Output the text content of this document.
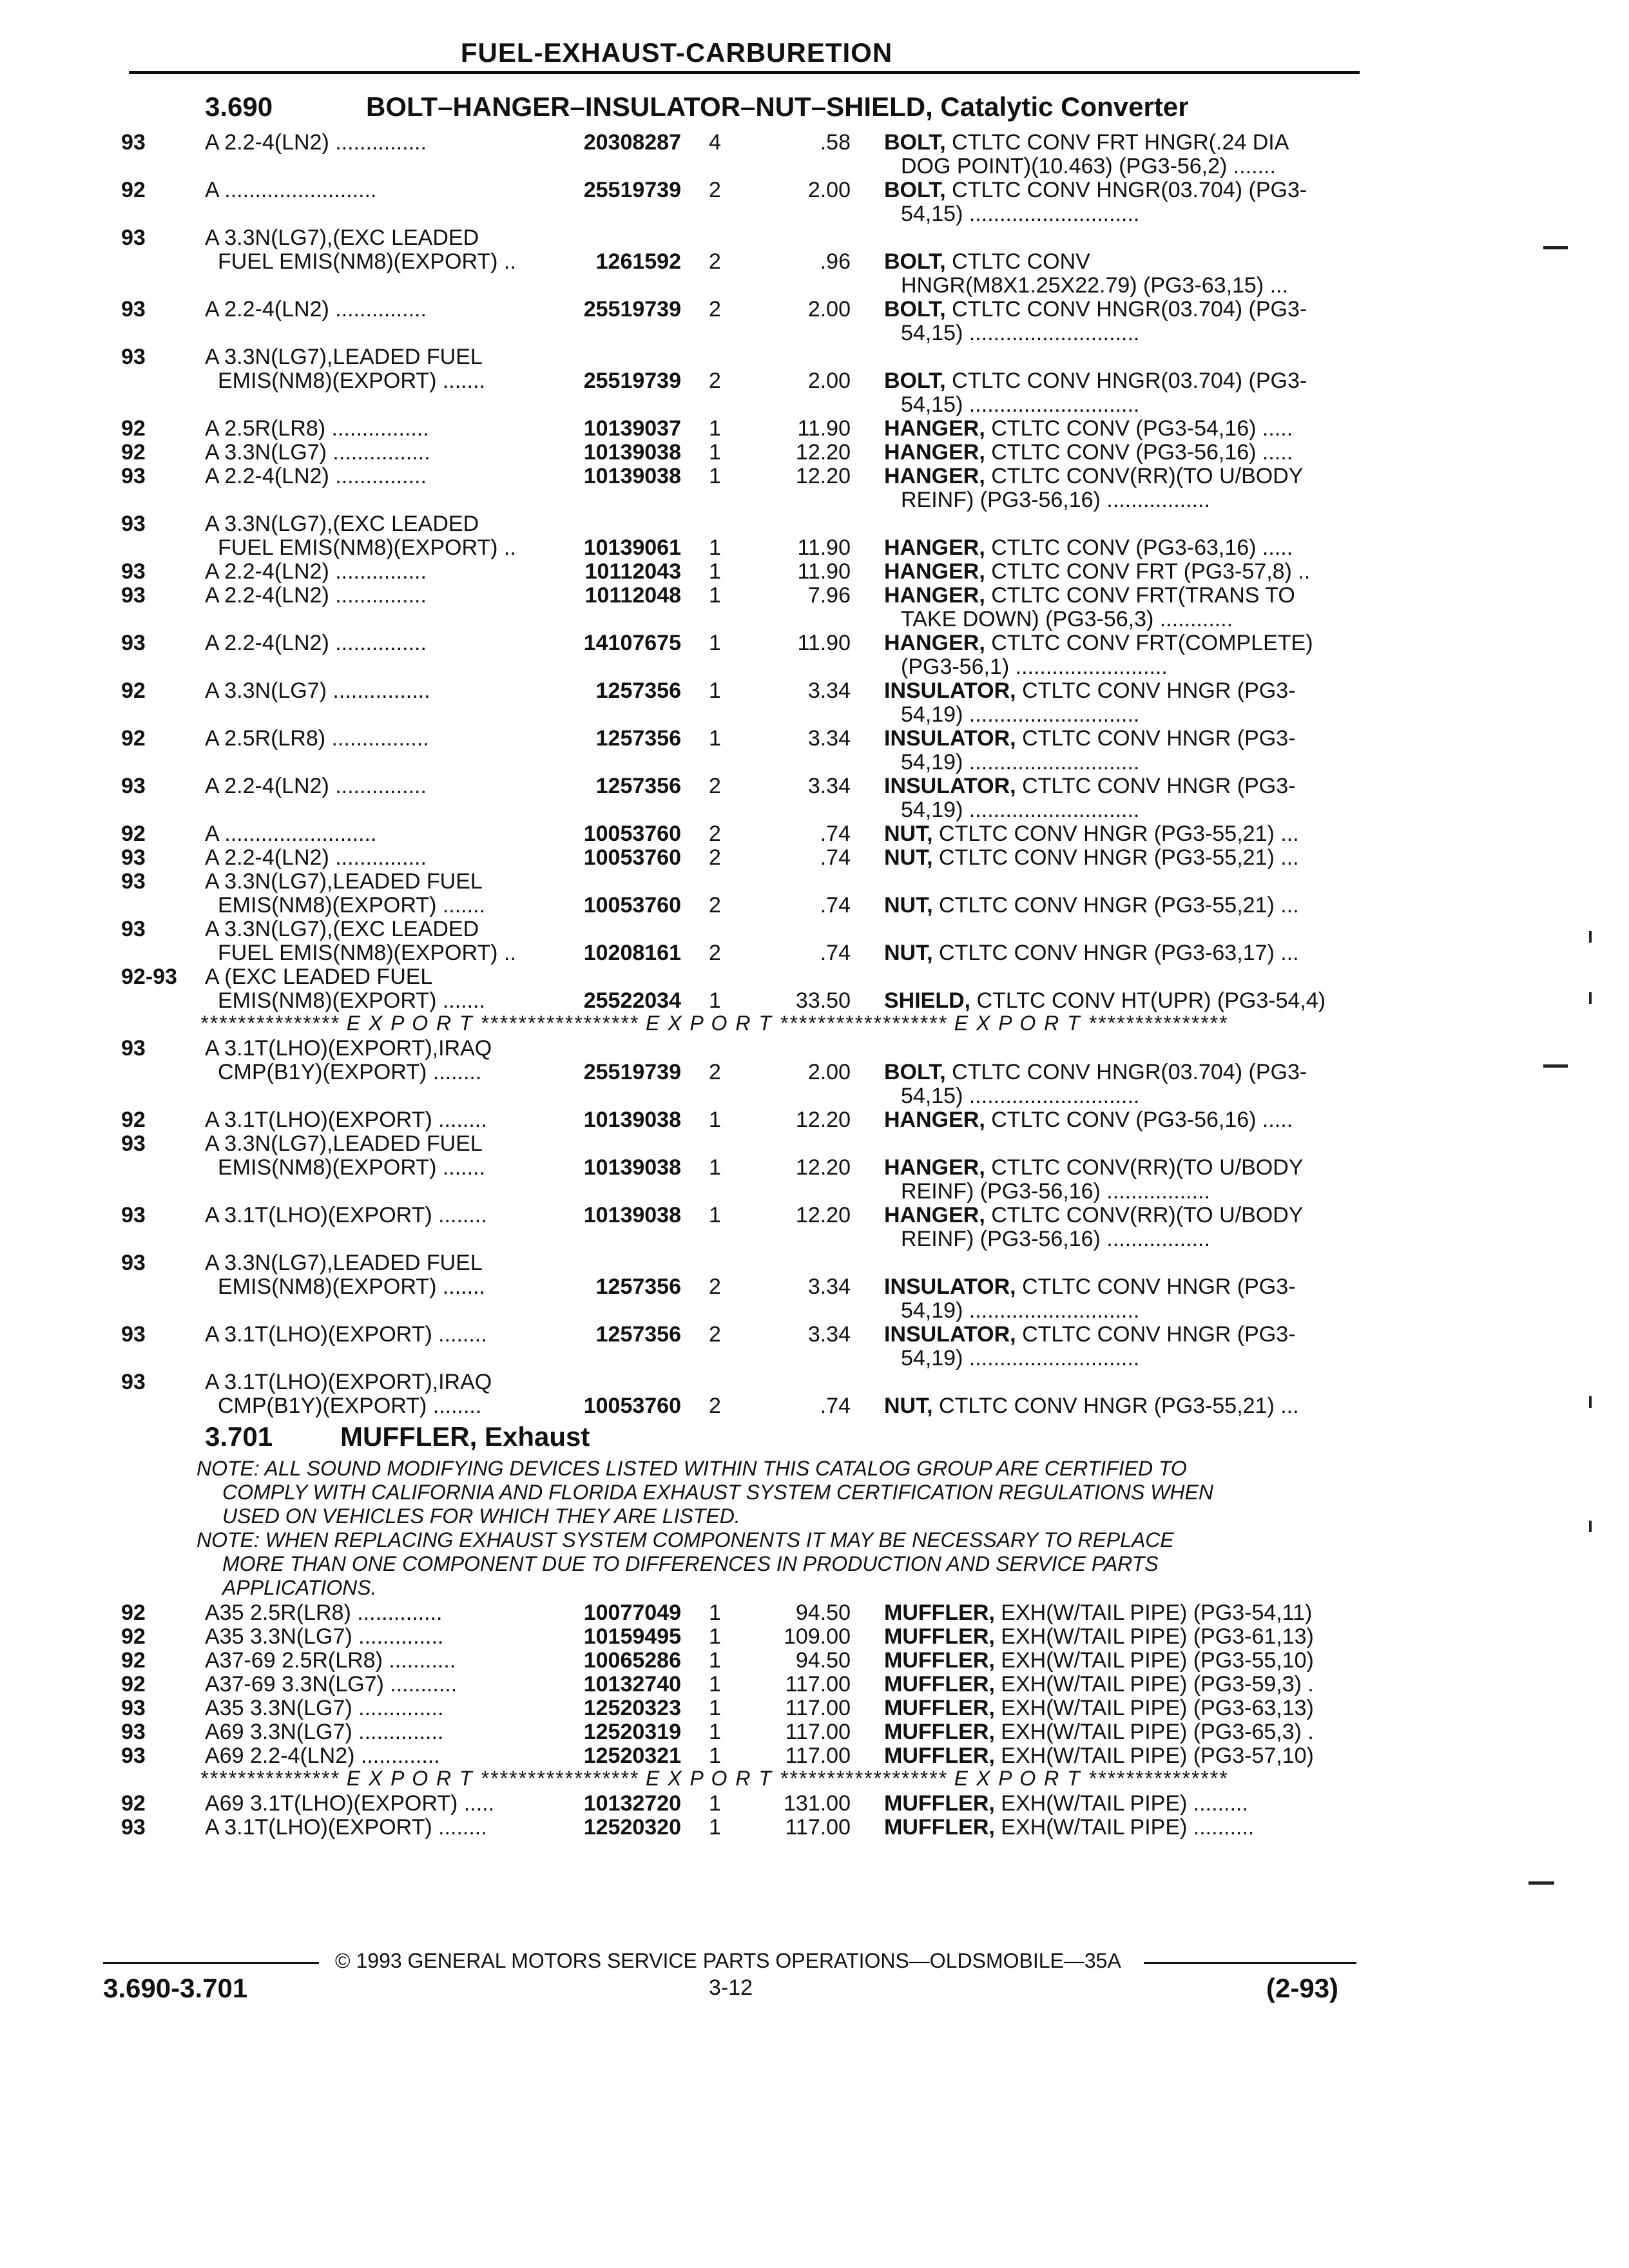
FUEL-EXHAUST-CARBURETION
3.690	BOLT–HANGER–INSULATOR–NUT–SHIELD, Catalytic Converter
93	A 2.2-4(LN2) ...............	20308287 4	.58 BOLT, CTLTC CONV FRT HNGR(.24 DIA
DOG POINT)(10.463) (PG3-56,2) .......
92	A .........................	25519739 2	2.00 BOLT, CTLTC CONV HNGR(03.704) (PG3-
54,15) ............................
93	A 3.3N(LG7),(EXC LEADED
FUEL EMIS(NM8)(EXPORT) ..	1261592 2	.96 BOLT, CTLTC CONV
HNGR(M8X1.25X22.79) (PG3-63,15) ...
93	A 2.2-4(LN2) ...............	25519739 2	2.00 BOLT, CTLTC CONV HNGR(03.704) (PG3-
54,15) ............................
93	A 3.3N(LG7),LEADED FUEL
EMIS(NM8)(EXPORT) .......	25519739 2	2.00 BOLT, CTLTC CONV HNGR(03.704) (PG3-
54,15) ............................
92	A 2.5R(LR8) ................	10139037 1	11.90 HANGER, CTLTC CONV (PG3-54,16) .....
92	A 3.3N(LG7) ................	10139038 1	12.20 HANGER, CTLTC CONV (PG3-56,16) .....
93	A 2.2-4(LN2) ...............	10139038 1	12.20 HANGER, CTLTC CONV(RR)(TO U/BODY
REINF) (PG3-56,16) .................
93	A 3.3N(LG7),(EXC LEADED
FUEL EMIS(NM8)(EXPORT) ..	10139061 1	11.90 HANGER, CTLTC CONV (PG3-63,16) .....
93	A 2.2-4(LN2) ...............	10112043 1	11.90 HANGER, CTLTC CONV FRT (PG3-57,8) ..
93	A 2.2-4(LN2) ...............	10112048 1	7.96 HANGER, CTLTC CONV FRT(TRANS TO
TAKE DOWN) (PG3-56,3) ............
93	A 2.2-4(LN2) ...............	14107675 1	11.90 HANGER, CTLTC CONV FRT(COMPLETE)
(PG3-56,1) .........................
92	A 3.3N(LG7) ................	1257356 1	3.34 INSULATOR, CTLTC CONV HNGR (PG3-
54,19) ............................
92	A 2.5R(LR8) ................	1257356 1	3.34 INSULATOR, CTLTC CONV HNGR (PG3-
54,19) ............................
93	A 2.2-4(LN2) ...............	1257356 2	3.34 INSULATOR, CTLTC CONV HNGR (PG3-
54,19) ............................
92	A .........................	10053760 2	.74 NUT, CTLTC CONV HNGR (PG3-55,21) ...
93	A 2.2-4(LN2) ...............	10053760 2	.74 NUT, CTLTC CONV HNGR (PG3-55,21) ...
93	A 3.3N(LG7),LEADED FUEL
EMIS(NM8)(EXPORT) .......	10053760 2	.74 NUT, CTLTC CONV HNGR (PG3-55,21) ...
93	A 3.3N(LG7),(EXC LEADED
FUEL EMIS(NM8)(EXPORT) ..	10208161 2	.74 NUT, CTLTC CONV HNGR (PG3-63,17) ...
92-93 A (EXC LEADED FUEL
EMIS(NM8)(EXPORT) .......	25522034 1	33.50 SHIELD, CTLTC CONV HT(UPR) (PG3-54,4)
*************** E X P O R T ***************** E X P O R T ****************** E X P O R T ***************
93	A 3.1T(LHO)(EXPORT),IRAQ
CMP(B1Y)(EXPORT) ........	25519739 2	2.00 BOLT, CTLTC CONV HNGR(03.704) (PG3-
54,15) ............................
92	A 3.1T(LHO)(EXPORT) ........	10139038 1	12.20 HANGER, CTLTC CONV (PG3-56,16) .....
93	A 3.3N(LG7),LEADED FUEL
EMIS(NM8)(EXPORT) .......	10139038 1	12.20 HANGER, CTLTC CONV(RR)(TO U/BODY
REINF) (PG3-56,16) .................
93	A 3.1T(LHO)(EXPORT) ........	10139038 1	12.20 HANGER, CTLTC CONV(RR)(TO U/BODY
REINF) (PG3-56,16) .................
93	A 3.3N(LG7),LEADED FUEL
EMIS(NM8)(EXPORT) .......	1257356 2	3.34 INSULATOR, CTLTC CONV HNGR (PG3-
54,19) ............................
93	A 3.1T(LHO)(EXPORT) ........	1257356 2	3.34 INSULATOR, CTLTC CONV HNGR (PG3-
54,19) ............................
93	A 3.1T(LHO)(EXPORT),IRAQ
CMP(B1Y)(EXPORT) ........	10053760 2	.74 NUT, CTLTC CONV HNGR (PG3-55,21) ...
3.701 MUFFLER, Exhaust
NOTE: ALL SOUND MODIFYING DEVICES LISTED WITHIN THIS CATALOG GROUP ARE CERTIFIED TO
COMPLY WITH CALIFORNIA AND FLORIDA EXHAUST SYSTEM CERTIFICATION REGULATIONS WHEN
USED ON VEHICLES FOR WHICH THEY ARE LISTED.
NOTE: WHEN REPLACING EXHAUST SYSTEM COMPONENTS IT MAY BE NECESSARY TO REPLACE
MORE THAN ONE COMPONENT DUE TO DIFFERENCES IN PRODUCTION AND SERVICE PARTS
APPLICATIONS.
92	A35 2.5R(LR8) ..............	10077049 1	94.50 MUFFLER, EXH(W/TAIL PIPE) (PG3-54,11)
92	A35 3.3N(LG7) ..............	10159495 1	109.00 MUFFLER, EXH(W/TAIL PIPE) (PG3-61,13)
92	A37-69 2.5R(LR8) ...........	10065286 1	94.50 MUFFLER, EXH(W/TAIL PIPE) (PG3-55,10)
92	A37-69 3.3N(LG7) ...........	10132740 1	117.00 MUFFLER, EXH(W/TAIL PIPE) (PG3-59,3) .
93	A35 3.3N(LG7) ..............	12520323 1	117.00 MUFFLER, EXH(W/TAIL PIPE) (PG3-63,13)
93	A69 3.3N(LG7) ..............	12520319 1	117.00 MUFFLER, EXH(W/TAIL PIPE) (PG3-65,3) .
93	A69 2.2-4(LN2) .............	12520321 1	117.00 MUFFLER, EXH(W/TAIL PIPE) (PG3-57,10)
*************** E X P O R T ***************** E X P O R T ****************** E X P O R T ***************
92	A69 3.1T(LHO)(EXPORT) .....	10132720 1	131.00 MUFFLER, EXH(W/TAIL PIPE) .........
93	A 3.1T(LHO)(EXPORT) ........	12520320 1	117.00 MUFFLER, EXH(W/TAIL PIPE) ..........
© 1993 GENERAL MOTORS SERVICE PARTS OPERATIONS—OLDSMOBILE—35A
3.690-3.701	3-12	(2-93)
